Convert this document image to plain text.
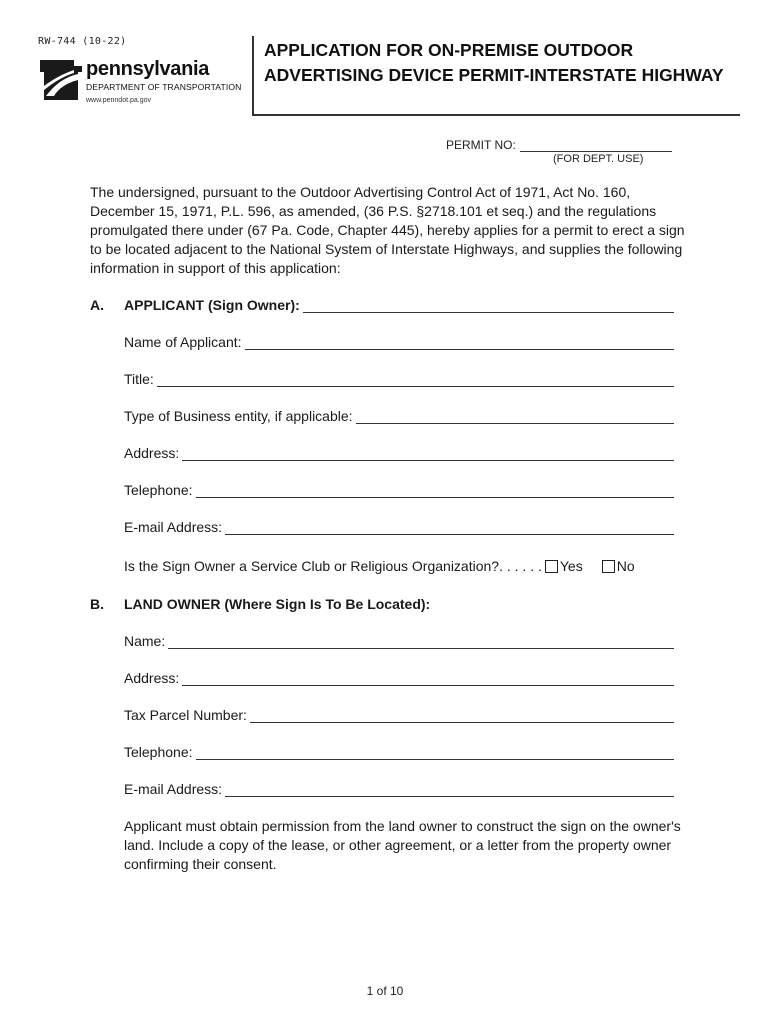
RW-744 (10-22)
pennsylvania
DEPARTMENT OF TRANSPORTATION
www.penndot.pa.gov
APPLICATION FOR ON-PREMISE OUTDOOR ADVERTISING DEVICE PERMIT-INTERSTATE HIGHWAY
PERMIT NO:
(FOR DEPT. USE)
The undersigned, pursuant to the Outdoor Advertising Control Act of 1971, Act No. 160, December 15, 1971, P.L. 596, as amended, (36 P.S. §2718.101 et seq.) and the regulations promulgated there under (67 Pa. Code, Chapter 445), hereby applies for a permit to erect a sign to be located adjacent to the National System of Interstate Highways, and supplies the following information in support of this application:
A. APPLICANT (Sign Owner):
Name of Applicant:
Title:
Type of Business entity, if applicable:
Address:
Telephone:
E-mail Address:
Is the Sign Owner a Service Club or Religious Organization?. . . . . . Yes No
B. LAND OWNER (Where Sign Is To Be Located):
Name:
Address:
Tax Parcel Number:
Telephone:
E-mail Address:
Applicant must obtain permission from the land owner to construct the sign on the owner's land. Include a copy of the lease, or other agreement, or a letter from the property owner confirming their consent.
1 of 10
